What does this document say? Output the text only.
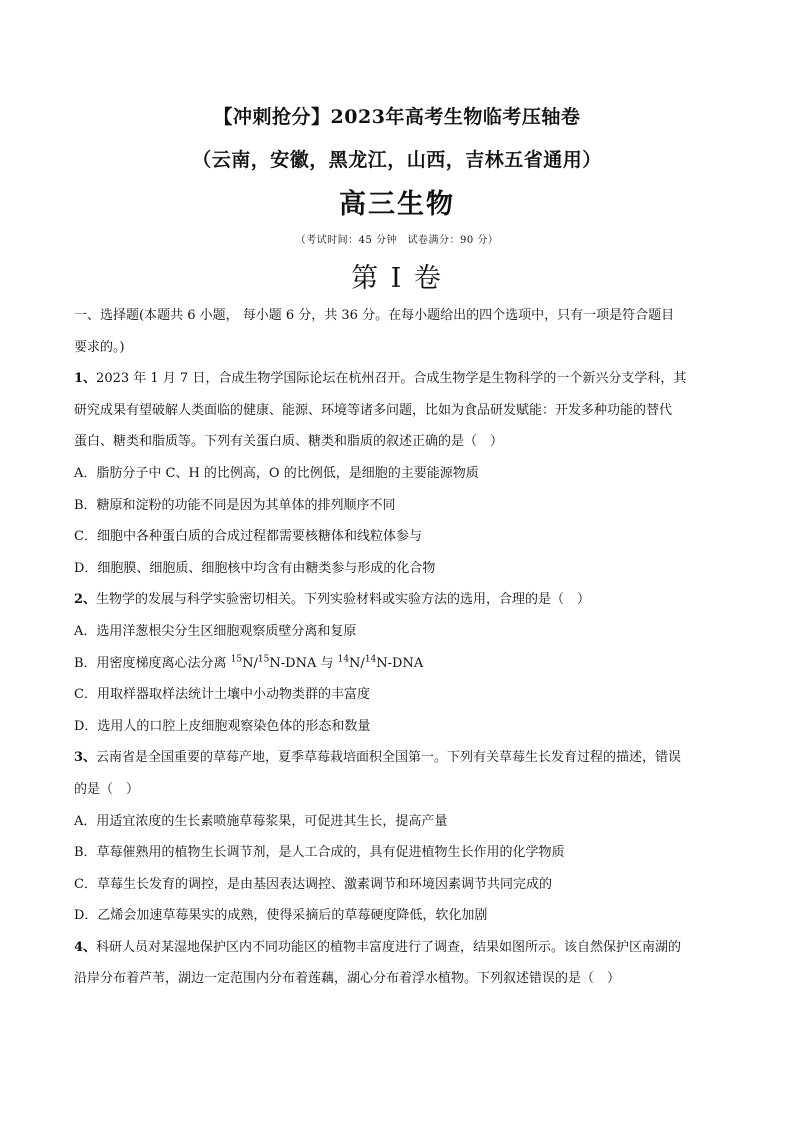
【冲刺抢分】2023年高考生物临考压轴卷
（云南，安徽，黑龙江，山西，吉林五省通用）
高三生物
（考试时间：45 分钟　试卷满分：90 分）
第 I 卷

一、选择题(本题共 6 小题， 每小题 6 分，共 36 分。在每小题给出的四个选项中，只有一项是符合题目

要求的。)

1、2023 年 1 月 7 日，合成生物学国际论坛在杭州召开。合成生物学是生物科学的一个新兴分支学科，其

研究成果有望破解人类面临的健康、能源、环境等诸多问题，比如为食品研发赋能：开发多种功能的替代

蛋白、糖类和脂质等。下列有关蛋白质、糖类和脂质的叙述正确的是（　）

A．脂肪分子中 C、H 的比例高，O 的比例低，是细胞的主要能源物质

B．糖原和淀粉的功能不同是因为其单体的排列顺序不同

C．细胞中各种蛋白质的合成过程都需要核糖体和线粒体参与

D．细胞膜、细胞质、细胞核中均含有由糖类参与形成的化合物

2、生物学的发展与科学实验密切相关。下列实验材料或实验方法的选用，合理的是（　）

A．选用洋葱根尖分生区细胞观察质壁分离和复原

B．用密度梯度离心法分离 $^{15}$N/$^{15}$N-DNA 与 $^{14}$N/$^{14}$N-DNA

C．用取样器取样法统计土壤中小动物类群的丰富度

D．选用人的口腔上皮细胞观察染色体的形态和数量

3、云南省是全国重要的草莓产地，夏季草莓栽培面积全国第一。下列有关草莓生长发育过程的描述，错误

的是（　）

A．用适宜浓度的生长素喷施草莓浆果，可促进其生长，提高产量

B．草莓催熟用的植物生长调节剂，是人工合成的，具有促进植物生长作用的化学物质

C．草莓生长发育的调控，是由基因表达调控、激素调节和环境因素调节共同完成的

D．乙烯会加速草莓果实的成熟，使得采摘后的草莓硬度降低，软化加剧

4、科研人员对某湿地保护区内不同功能区的植物丰富度进行了调查，结果如图所示。该自然保护区南湖的

沿岸分布着芦苇，湖边一定范围内分布着莲藕，湖心分布着浮水植物。下列叙述错误的是（　）
